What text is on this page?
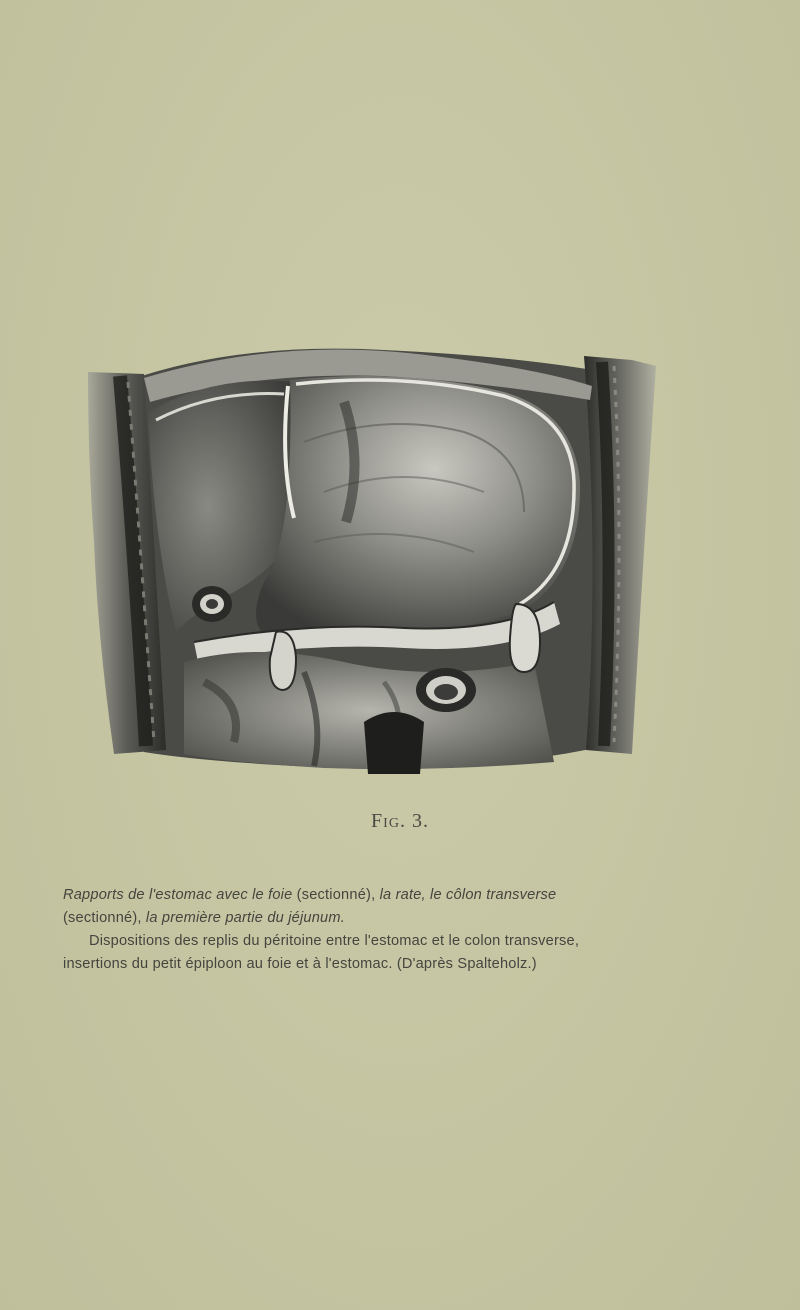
Fig. 3.

Rapports de l'estomac avec le foie (sectionné), la rate, le côlon transverse

(sectionné), la première partie du jéjunum.

Dispositions des replis du péritoine entre l'estomac et le colon transverse,

insertions du petit épiploon au foie et à l'estomac. (D'après Spalteholz.)
